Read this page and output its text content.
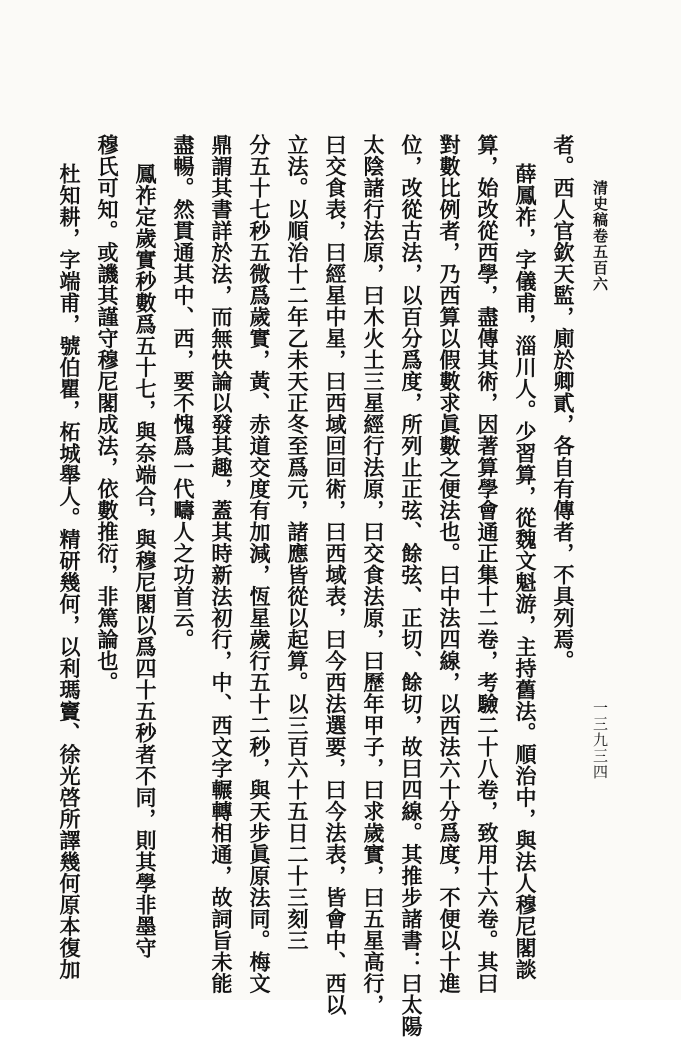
清史稿卷五百六
一三九三四
者。西人官欽天監，廁於卿貳，各自有傳者，不具列焉。
薛鳳祚，字儀甫，淄川人。少習算，從魏文魁游，主持舊法。順治中，與法人穆尼閣談
算，始改從西學，盡傳其術，因著算學會通正集十二卷，考驗二十八卷，致用十六卷。其曰
對數比例者，乃西算以假數求眞數之便法也。曰中法四線，以西法六十分爲度，不便以十進
位，改從古法，以百分爲度，所列止正弦、餘弦、正切、餘切，故曰四線。其推步諸書：曰太陽
太陰諸行法原，曰木火土三星經行法原，曰交食法原，曰歷年甲子，曰求歲實，曰五星高行，
曰交食表，曰經星中星，曰西域回回術，曰西域表，曰今西法選要，曰今法表，皆會中、西以
立法。以順治十二年乙未天正冬至爲元，諸應皆從以起算。以三百六十五日二十三刻三
分五十七秒五微爲歲實，黃、赤道交度有加減，恆星歲行五十二秒，與天步眞原法同。梅文
鼎謂其書詳於法，而無快論以發其趣，蓋其時新法初行，中、西文字輾轉相通，故詞旨未能
盡暢。然貫通其中、西，要不愧爲一代疇人之功首云。
鳳祚定歲實秒數爲五十七，與奈端合，與穆尼閣以爲四十五秒者不同，則其學非墨守
穆氏可知。或譏其謹守穆尼閣成法，依數推衍，非篤論也。
杜知耕，字端甫，號伯瞿，柘城舉人。精研幾何，以利瑪竇、徐光啓所譯幾何原本復加
